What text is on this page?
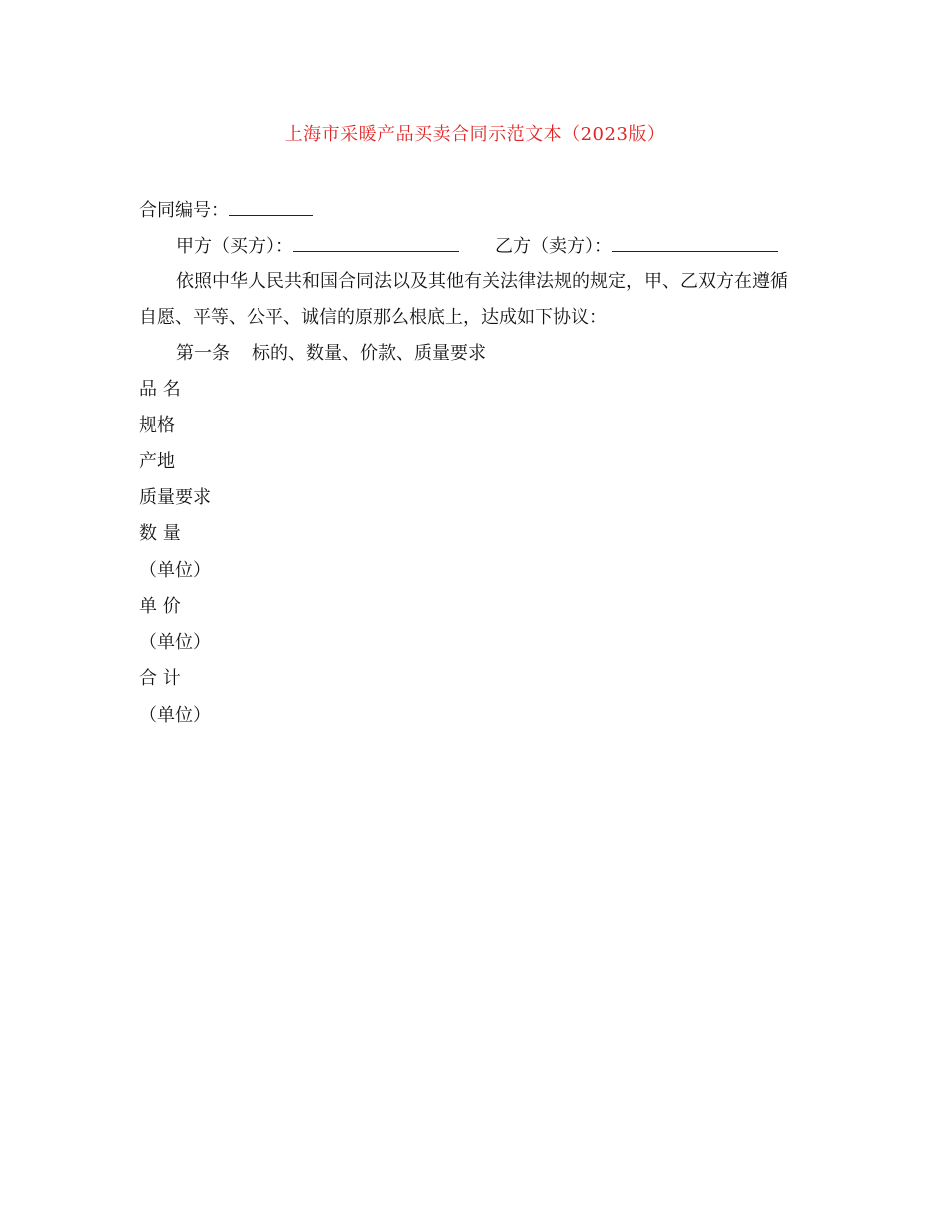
上海市采暖产品买卖合同示范文本（2023版）
合同编号：
甲方（买方）：	乙方（卖方）：
依照中华人民共和国合同法以及其他有关法律法规的规定，甲、乙双方在遵循
自愿、平等、公平、诚信的原那么根底上，达成如下协议：
第一条 标的、数量、价款、质量要求
品 名
规格
产地
质量要求
数 量
（单位）
单 价
（单位）
合 计
（单位）
